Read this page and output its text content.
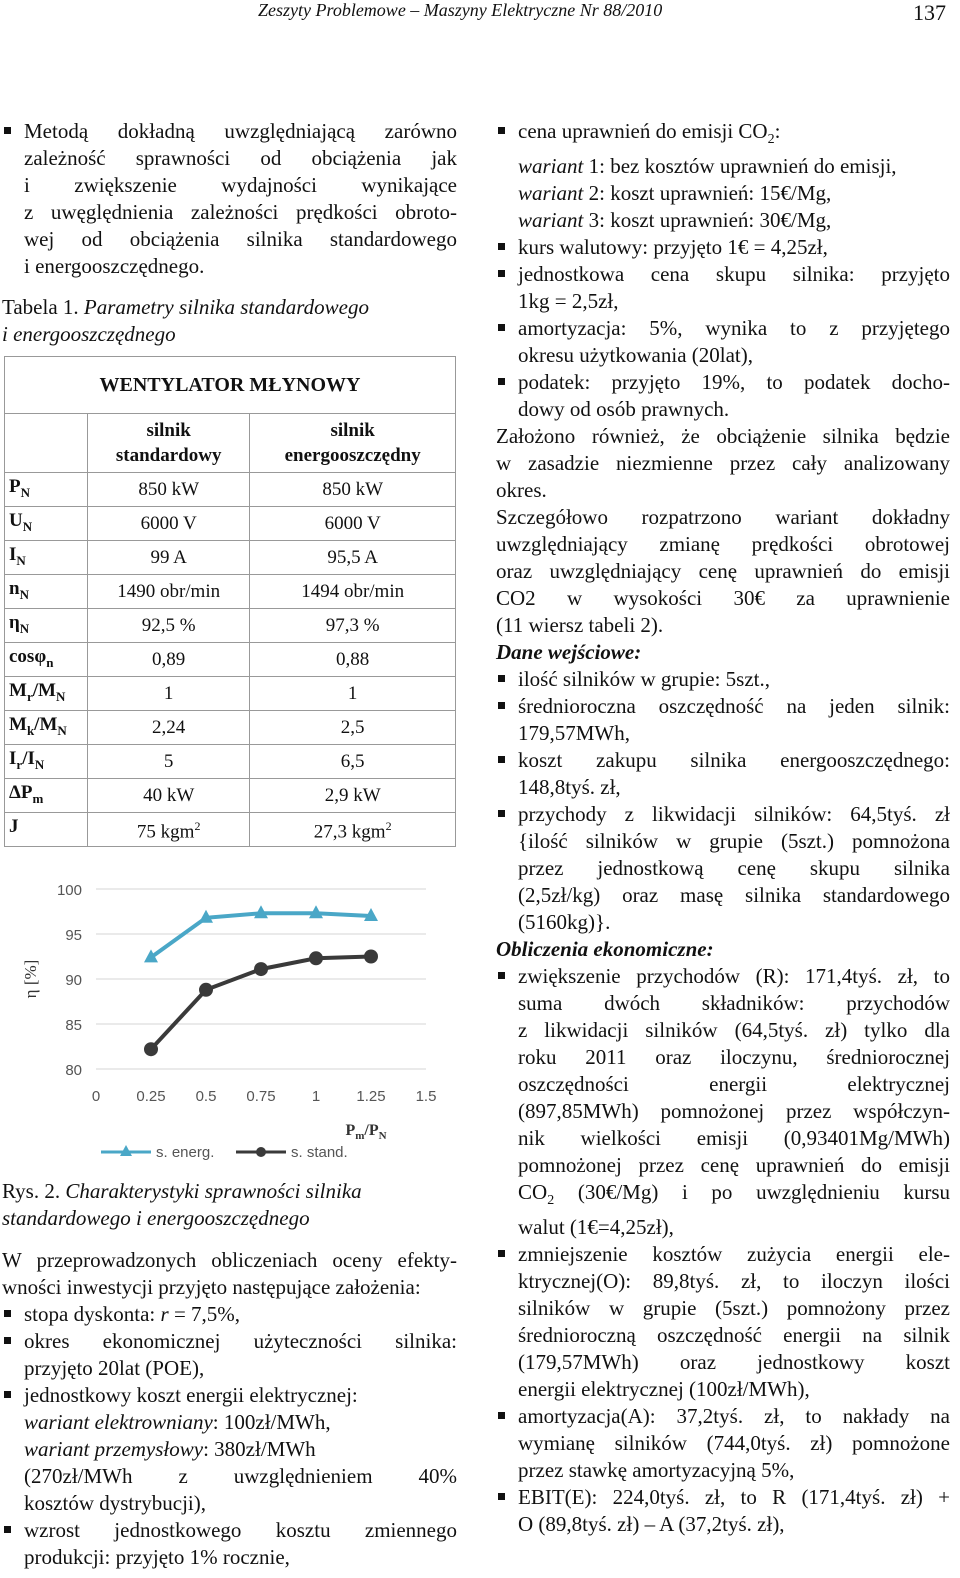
Zeszyty Problemowe – Maszyny Elektryczne Nr 88/2010	137
Metodą dokładną uwzględniającą zarówno
zależność sprawności od obciążenia jak
i zwiększenie wydajności wynikające
z uwęględnienia zależności prędkości obroto-
wej od obciążenia silnika standardowego
i energooszczędnego.
Tabela 1. Parametry silnika standardowego
i energooszczędnego
WENTYLATOR MŁYNOWY		
	silnik
standardowy	silnik
energooszczędny
$P_N$	850 kW	850 kW
$U_N$	6000 V	6000 V
$I_N$	99 A	95,5 A
$n_N$	1490 obr/min	1494 obr/min
$\eta_N$	92,5 %	97,3 %
cosφ$_n$	0,89	0,88
$M_r/M_N$	1	1
$M_k/M_N$	2,24	2,5
$I_r/I_N$	5	6,5
$\Delta P_m$	40 kW	2,9 kW
J	75 kgm$^2$	27,3 kgm$^2$
100
95
90
85
80
0 0.25 0.5 0.75 1 1.25 1.5
η [%]
$P_m/P_N$
s. energ.	s. stand.
Rys. 2. Charakterystyki sprawności silnika
standardowego i energooszczędnego
W przeprowadzonych obliczeniach oceny efekty-
wności inwestycji przyjęto następujące założenia:
stopa dyskonta: r = 7,5%,
okres ekonomicznej użyteczności silnika:
przyjęto 20lat (POE),
jednostkowy koszt energii elektrycznej:
wariant elektrowniany: 100zł/MWh,
wariant przemysłowy: 380zł/MWh
(270zł/MWh z uwzględnieniem 40%
kosztów dystrybucji),
wzrost jednostkowego kosztu zmiennego
produkcji: przyjęto 1% rocznie,
cena uprawnień do emisji $CO_2$:
wariant 1: bez kosztów uprawnień do emisji,
wariant 2: koszt uprawnień: 15€/Mg,
wariant 3: koszt uprawnień: 30€/Mg,
kurs walutowy: przyjęto 1€ = 4,25zł,
jednostkowa cena skupu silnika: przyjęto
1kg = 2,5zł,
amortyzacja: 5%, wynika to z przyjętego
okresu użytkowania (20lat),
podatek: przyjęto 19%, to podatek docho-
dowy od osób prawnych.
Założono również, że obciążenie silnika będzie
w zasadzie niezmienne przez cały analizowany
okres.
Szczegółowo rozpatrzono wariant dokładny
uwzględniający zmianę prędkości obrotowej
oraz uwzględniający cenę uprawnień do emisji
CO2 w wysokości 30€ za uprawnienie
(11 wiersz tabeli 2).
Dane wejściowe:
ilość silników w grupie: 5szt.,
średnioroczna oszczędność na jeden silnik:
179,57MWh,
koszt zakupu silnika energooszczędnego:
148,8tyś. zł,
przychody z likwidacji silników: 64,5tyś. zł
{ilość silników w grupie (5szt.) pomnożona
przez jednostkową cenę skupu silnika
(2,5zł/kg) oraz masę silnika standardowego
(5160kg)}.
Obliczenia ekonomiczne:
zwiększenie przychodów (R): 171,4tyś. zł, to
suma dwóch składników: przychodów
z likwidacji silników (64,5tyś. zł) tylko dla
roku 2011 oraz iloczynu, średniorocznej
oszczędności energii elektrycznej
(897,85MWh) pomnożonej przez współczyn-
nik wielkości emisji (0,93401Mg/MWh)
pomnożonej przez cenę uprawnień do emisji
$CO_2$ (30€/Mg) i po uwzględnieniu kursu
walut (1€=4,25zł),
zmniejszenie kosztów zużycia energii ele-
ktrycznej(O): 89,8tyś. zł, to iloczyn ilości
silników w grupie (5szt.) pomnożony przez
średnioroczną oszczędność energii na silnik
(179,57MWh) oraz jednostkowy koszt
energii elektrycznej (100zł/MWh),
amortyzacja(A): 37,2tyś. zł, to nakłady na
wymianę silników (744,0tyś. zł) pomnożone
przez stawkę amortyzacyjną 5%,
EBIT(E): 224,0tyś. zł, to R (171,4tyś. zł) +
O (89,8tyś. zł) – A (37,2tyś. zł),
